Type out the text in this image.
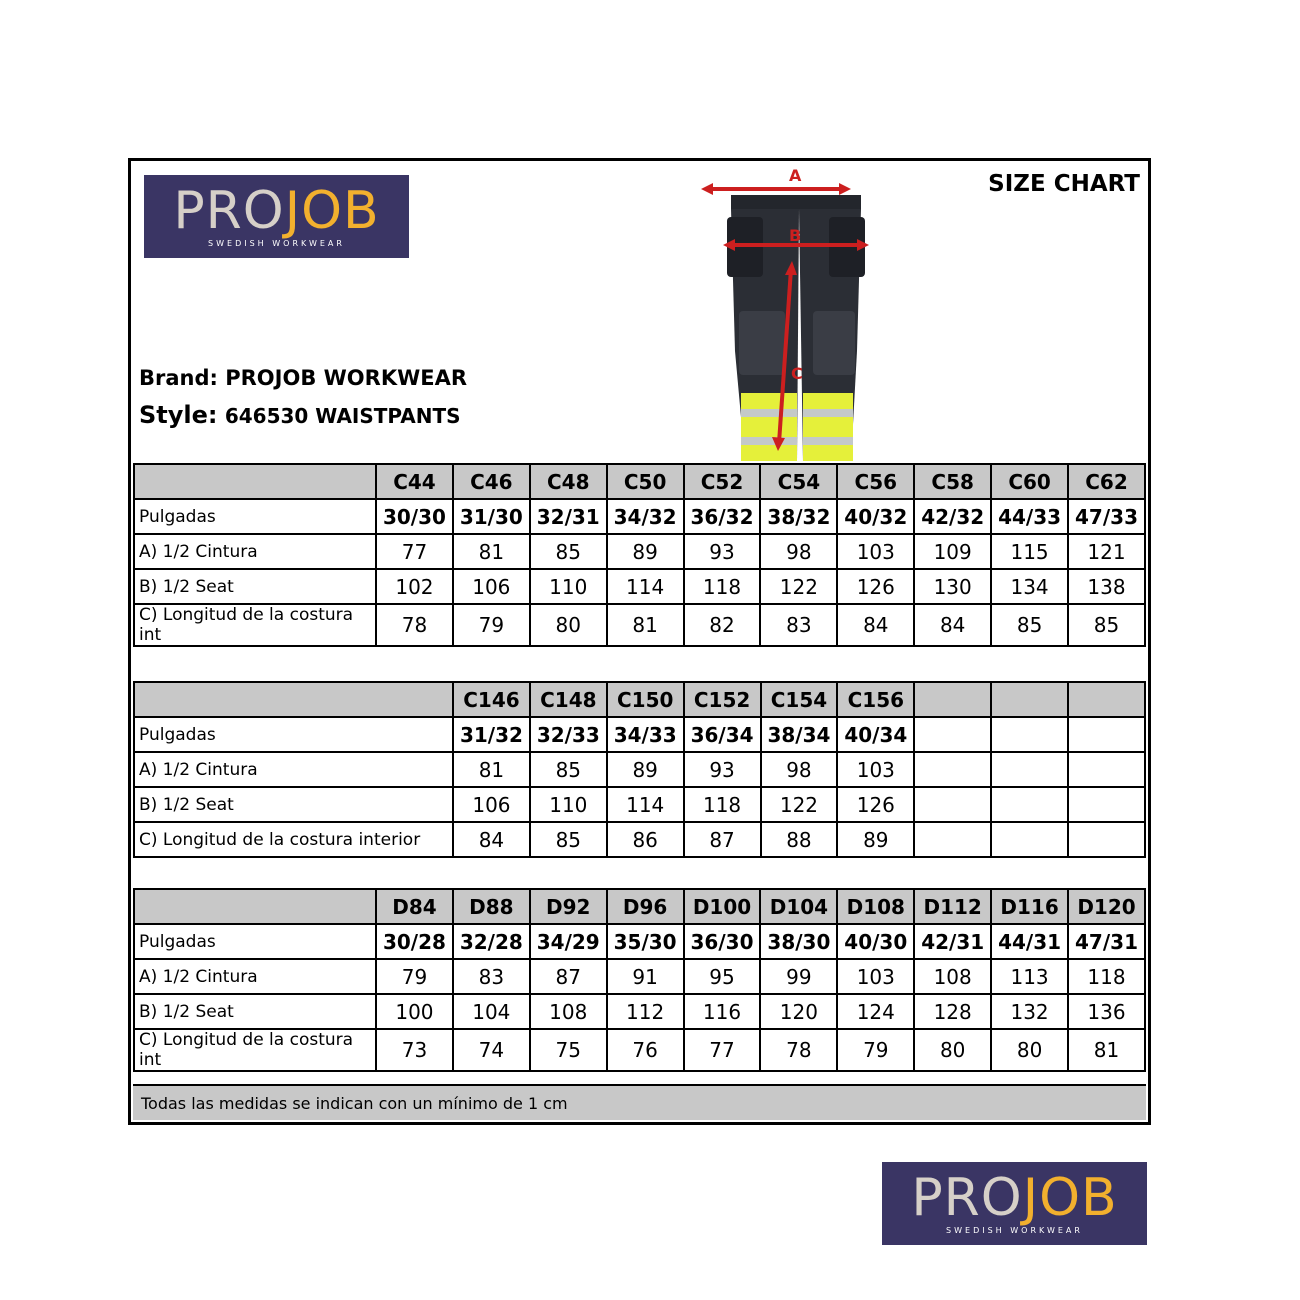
PROJOB
SWEDISH WORKWEAR
SIZE CHART
Brand: PROJOB WORKWEAR
Style: 646530 WAISTPANTS
A
B
C
	C44	C46	C48	C50	C52	C54	C56	C58	C60	C62
Pulgadas	30/30	31/30	32/31	34/32	36/32	38/32	40/32	42/32	44/33	47/33
A) 1/2 Cintura	77	81	85	89	93	98	103	109	115	121
B) 1/2 Seat	102	106	110	114	118	122	126	130	134	138
C) Longitud de la costura int	78	79	80	81	82	83	84	84	85	85
	C146	C148	C150	C152	C154	C156			
Pulgadas	31/32	32/33	34/33	36/34	38/34	40/34			
A) 1/2 Cintura	81	85	89	93	98	103			
B) 1/2 Seat	106	110	114	118	122	126			
C) Longitud de la costura interior	84	85	86	87	88	89			
	D84	D88	D92	D96	D100	D104	D108	D112	D116	D120
Pulgadas	30/28	32/28	34/29	35/30	36/30	38/30	40/30	42/31	44/31	47/31
A) 1/2 Cintura	79	83	87	91	95	99	103	108	113	118
B) 1/2 Seat	100	104	108	112	116	120	124	128	132	136
C) Longitud de la costura int	73	74	75	76	77	78	79	80	80	81
Todas las medidas se indican con un mínimo de 1 cm
PROJOB
SWEDISH WORKWEAR
